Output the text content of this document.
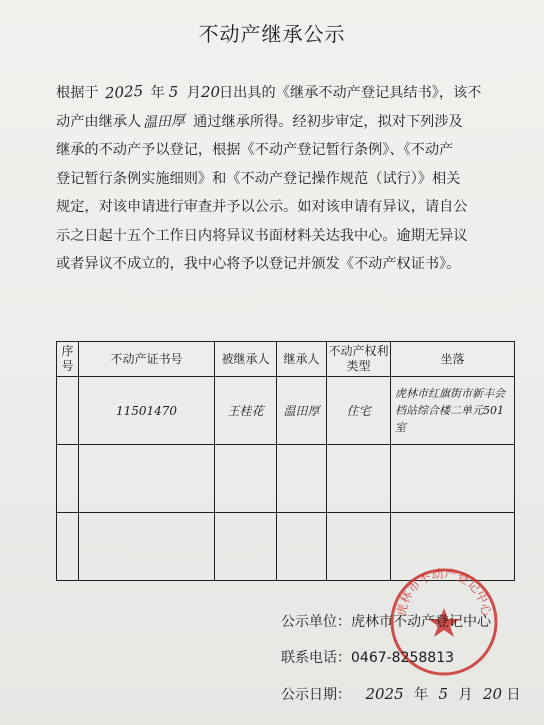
不动产继承公示
根据于 2025 年 5 月20日出具的《继承不动产登记具结书》，该不
动产由继承人 温田厚 通过继承所得。经初步审定，拟对下列涉及
继承的不动产予以登记，根据《不动产登记暂行条例》、《不动产
登记暂行条例实施细则》和《不动产登记操作规范（试行）》相关
规定，对该申请进行审查并予以公示。如对该申请有异议，请自公
示之日起十五个工作日内将异议书面材料关达我中心。逾期无异议
或者异议不成立的，我中心将予以登记并颁发《不动产权证书》。
序号	不动产证书号	被继承人	继承人	不动产权利类型	坐落
	11501470	王桂花	温田厚	住宅	虎林市红旗街市新丰会档站综合楼二单元501室

虎林市不动产登记中心
公示单位：虎林市不动产登记中心
联系电话：0467-8258813
公示日期： 2025 年 5 月 20 日
